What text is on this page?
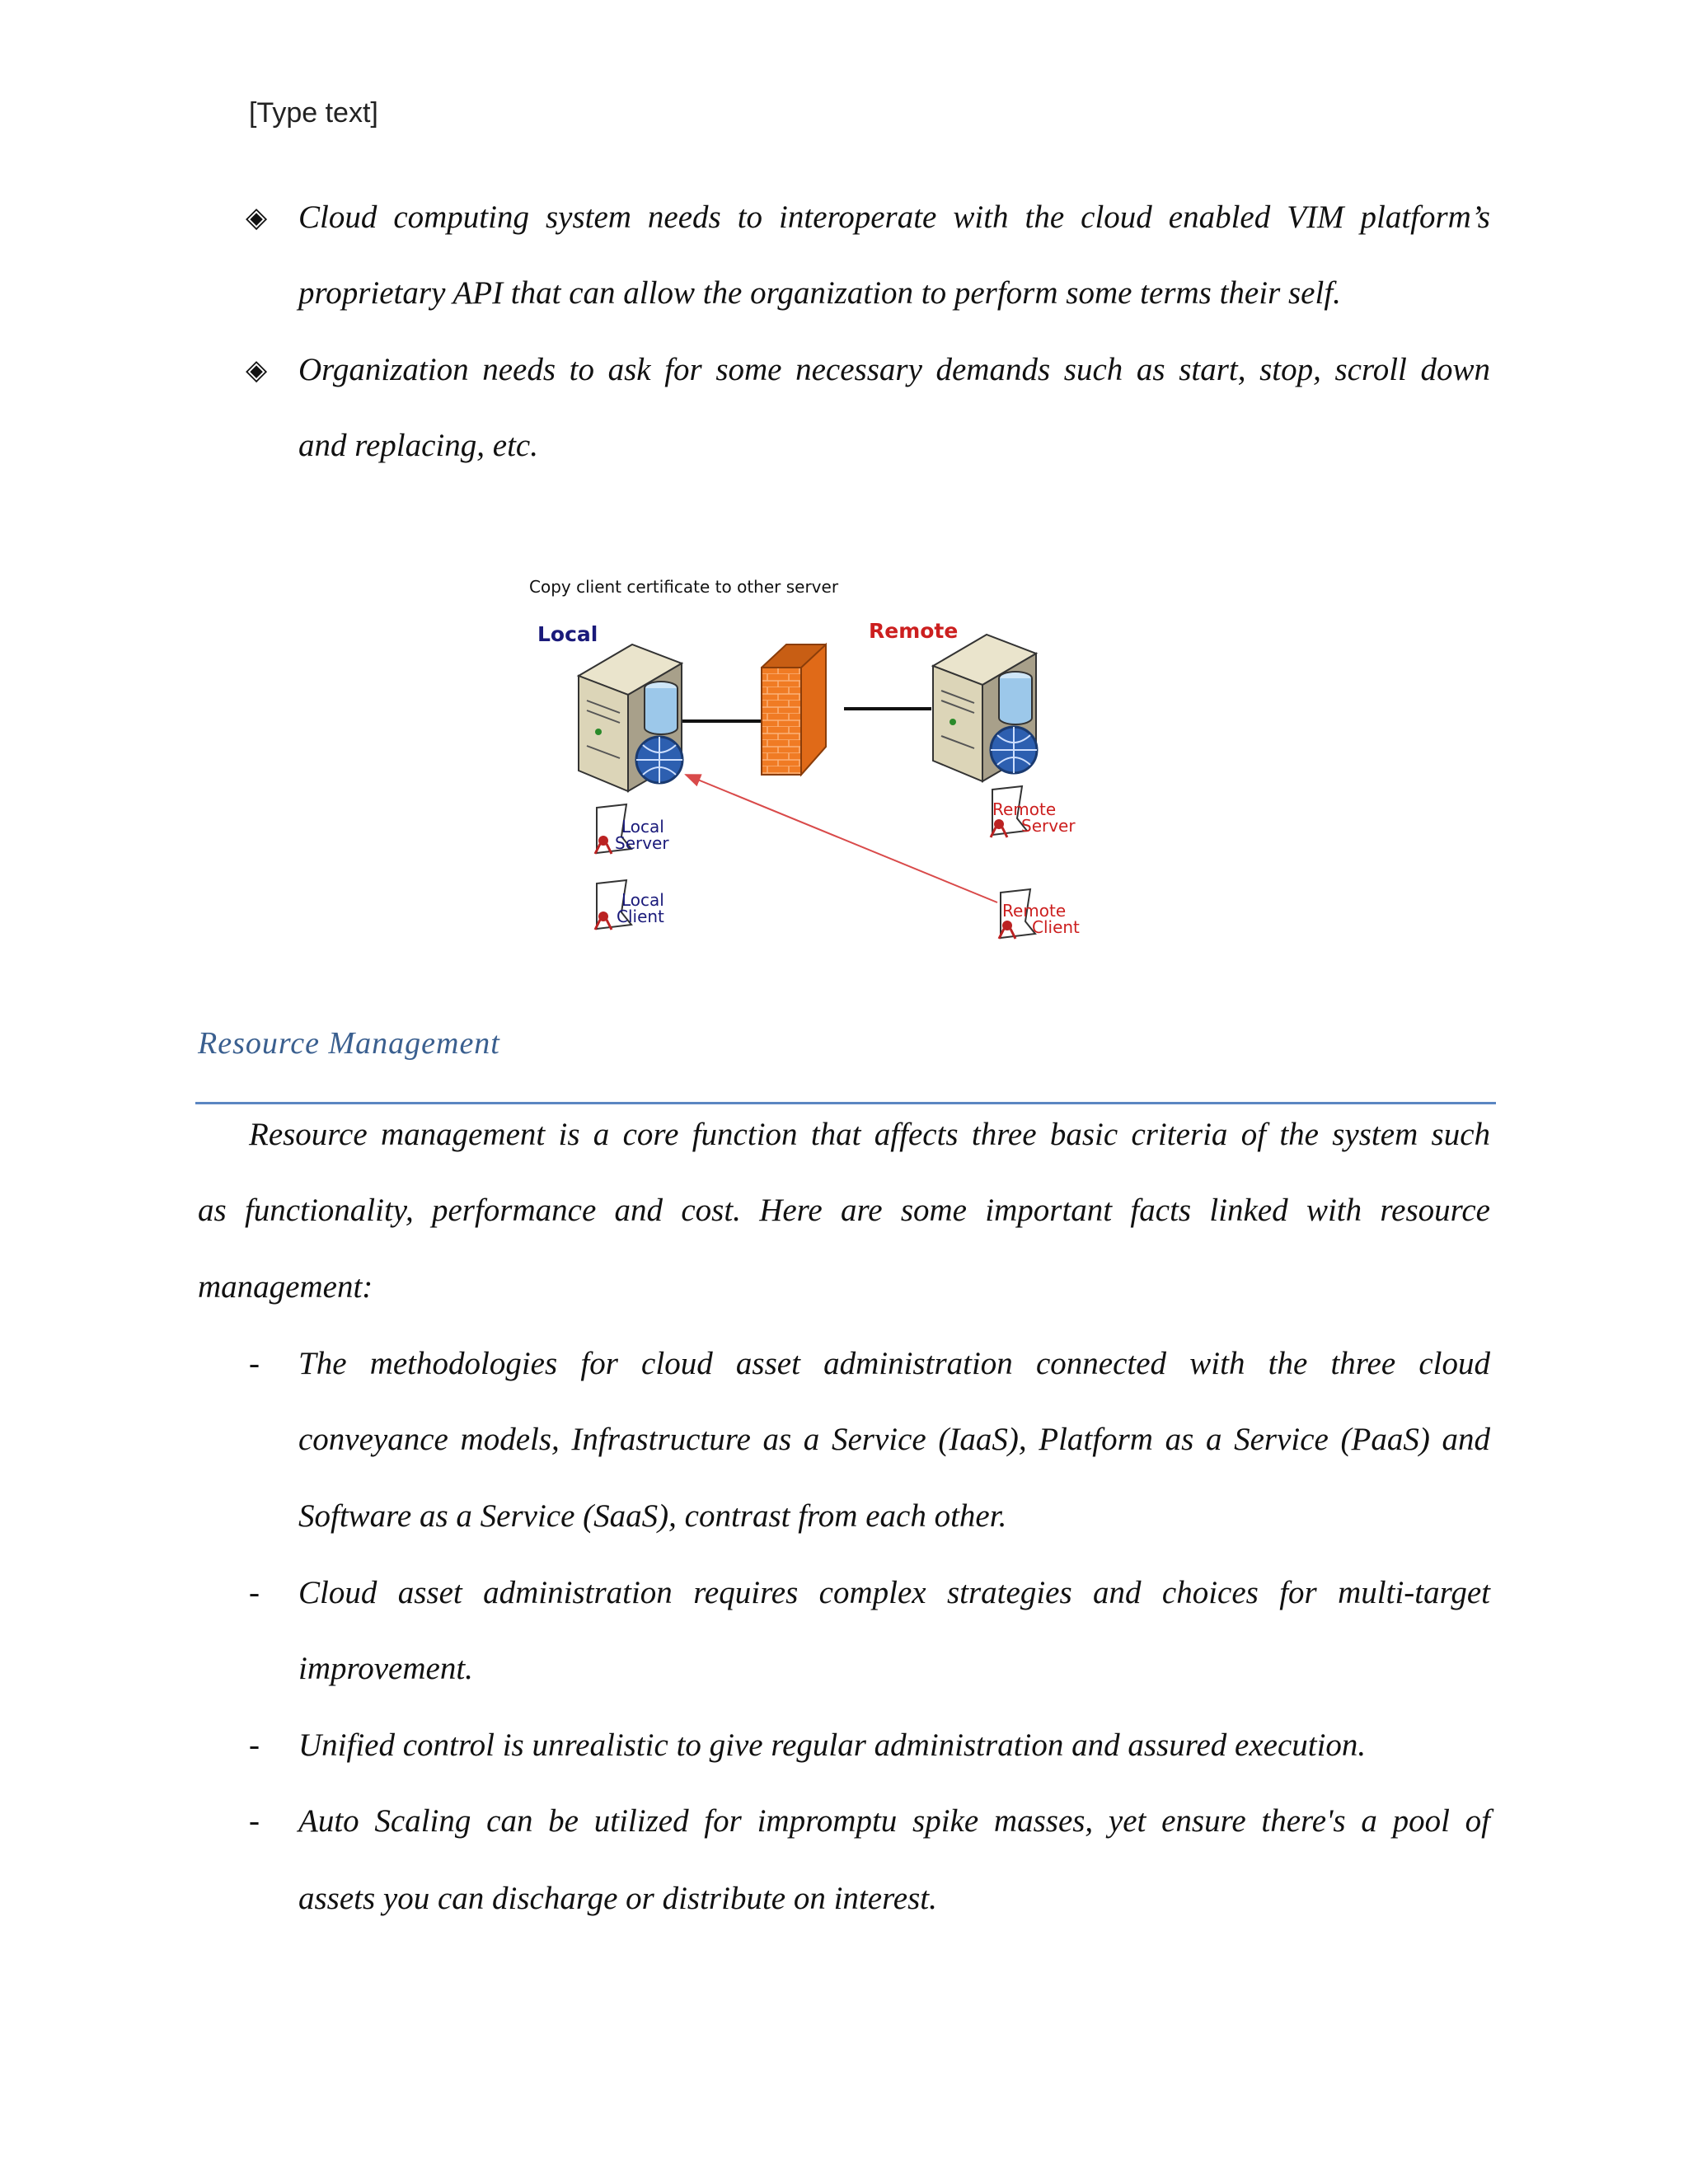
[Type text]
◈ Cloud computing system needs to interoperate with the cloud enabled VIM platform’s
proprietary API that can allow the organization to perform some terms their self.
◈ Organization needs to ask for some necessary demands such as start, stop, scroll down
and replacing, etc.
Copy client certificate to other server
Local	Remote
Local
Server
Local
Client
Remote
Server
Remote
Client
Resource Management
Resource management is a core function that affects three basic criteria of the system such
as functionality, performance and cost. Here are some important facts linked with resource
management:
- The methodologies for cloud asset administration connected with the three cloud
conveyance models, Infrastructure as a Service (IaaS), Platform as a Service (PaaS) and
Software as a Service (SaaS), contrast from each other.
- Cloud asset administration requires complex strategies and choices for multi-target
improvement.
- Unified control is unrealistic to give regular administration and assured execution.
- Auto Scaling can be utilized for impromptu spike masses, yet ensure there's a pool of
assets you can discharge or distribute on interest.
